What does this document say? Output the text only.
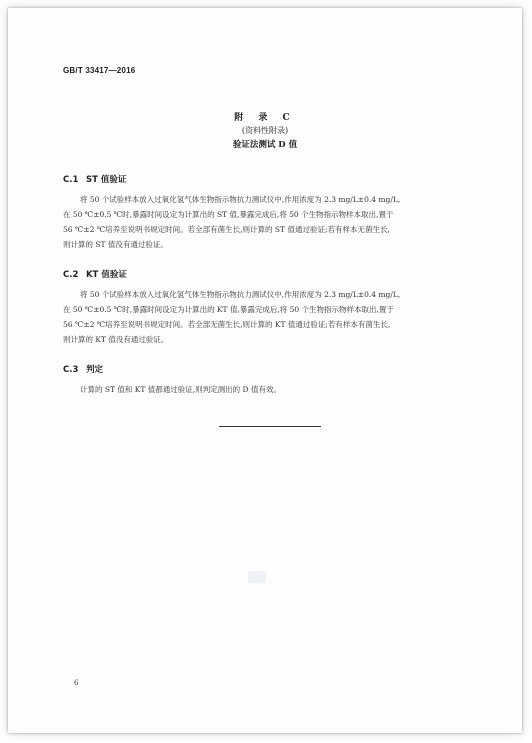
GB/T 33417—2016
附 录 C
(资料性附录)
验证法测试 D 值
C.1 ST 值验证

将 50 个试验样本放入过氧化氢气体生物指示物抗力测试仪中,作用浓度为 2.3 mg/L±0.4 mg/L,
在 50 ℃±0.5 ℃时,暴露时间设定为计算出的 ST 值,暴露完成后,将 50 个生物指示物样本取出,置于
56 ℃±2 ℃培养至说明书规定时间。若全部有菌生长,则计算的 ST 值通过验证;若有样本无菌生长,
则计算的 ST 值没有通过验证。

C.2 KT 值验证

将 50 个试验样本放入过氧化氢气体生物指示物抗力测试仪中,作用浓度为 2.3 mg/L±0.4 mg/L,
在 50 ℃±0.5 ℃时,暴露时间设定为计算出的 KT 值,暴露完成后,将 50 个生物指示物样本取出,置于
56 ℃±2 ℃培养至说明书规定时间。若全部无菌生长,则计算的 KT 值通过验证;若有样本有菌生长,
则计算的 KT 值没有通过验证。

C.3 判定

计算的 ST 值和 KT 值都通过验证,则判定测出的 D 值有效。

6
